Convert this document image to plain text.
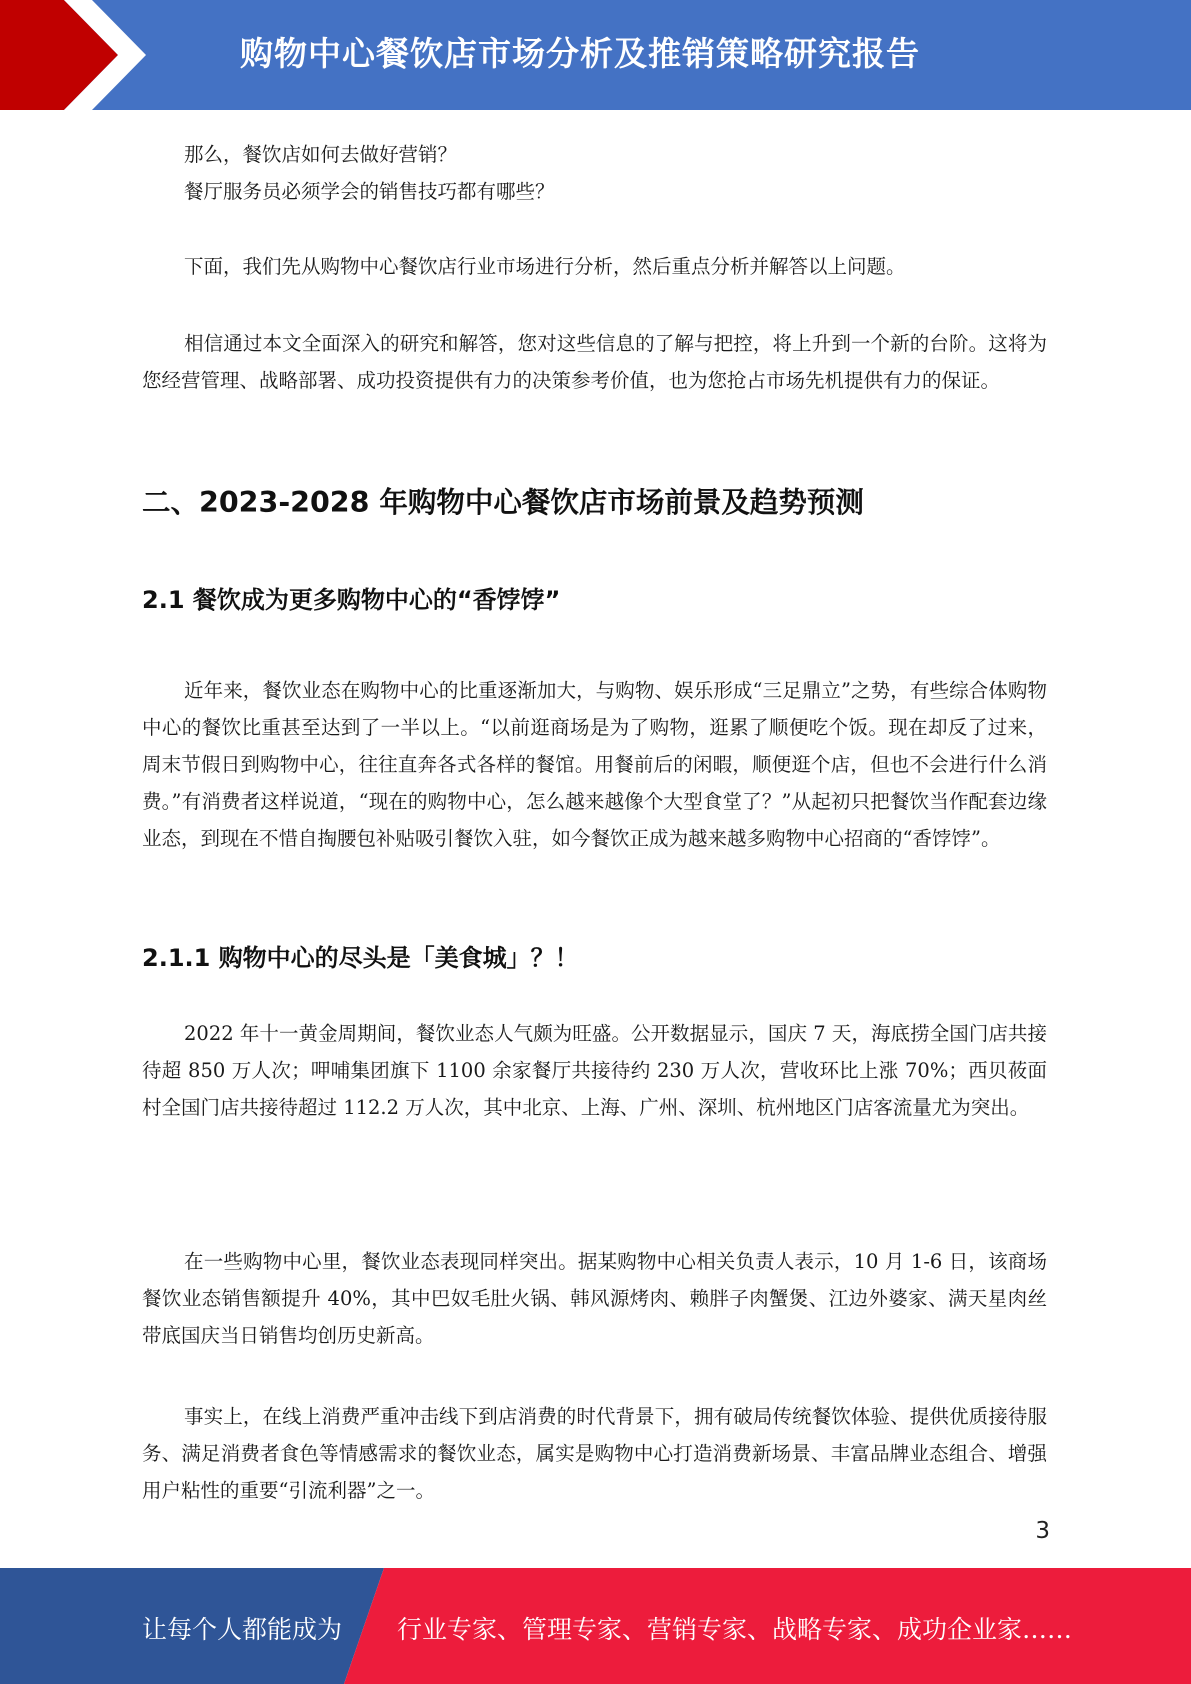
购物中心餐饮店市场分析及推销策略研究报告

那么，餐饮店如何去做好营销？

餐厅服务员必须学会的销售技巧都有哪些？

下面，我们先从购物中心餐饮店行业市场进行分析，然后重点分析并解答以上问题。

相信通过本文全面深入的研究和解答，您对这些信息的了解与把控，将上升到一个新的台阶。这将为您经营管理、战略部署、成功投资提供有力的决策参考价值，也为您抢占市场先机提供有力的保证。

二、2023-2028 年购物中心餐饮店市场前景及趋势预测
2.1 餐饮成为更多购物中心的“香饽饽”

近年来，餐饮业态在购物中心的比重逐渐加大，与购物、娱乐形成“三足鼎立”之势，有些综合体购物中心的餐饮比重甚至达到了一半以上。“以前逛商场是为了购物，逛累了顺便吃个饭。现在却反了过来，周末节假日到购物中心，往往直奔各式各样的餐馆。用餐前后的闲暇，顺便逛个店，但也不会进行什么消费。”有消费者这样说道，“现在的购物中心，怎么越来越像个大型食堂了？”从起初只把餐饮当作配套边缘业态，到现在不惜自掏腰包补贴吸引餐饮入驻，如今餐饮正成为越来越多购物中心招商的“香饽饽”。

2.1.1 购物中心的尽头是「美食城」？！

2022 年十一黄金周期间，餐饮业态人气颇为旺盛。公开数据显示，国庆 7 天，海底捞全国门店共接待超 850 万人次；呷哺集团旗下 1100 余家餐厅共接待约 230 万人次，营收环比上涨 70%；西贝莜面村全国门店共接待超过 112.2 万人次，其中北京、上海、广州、深圳、杭州地区门店客流量尤为突出。

在一些购物中心里，餐饮业态表现同样突出。据某购物中心相关负责人表示，10 月 1-6 日，该商场餐饮业态销售额提升 40%，其中巴奴毛肚火锅、韩风源烤肉、赖胖子肉蟹煲、江边外婆家、满天星肉丝带底国庆当日销售均创历史新高。

事实上，在线上消费严重冲击线下到店消费的时代背景下，拥有破局传统餐饮体验、提供优质接待服务、满足消费者食色等情感需求的餐饮业态，属实是购物中心打造消费新场景、丰富品牌业态组合、增强用户粘性的重要“引流利器”之一。

3
让每个人都能成为 行业专家、管理专家、营销专家、战略专家、成功企业家……
